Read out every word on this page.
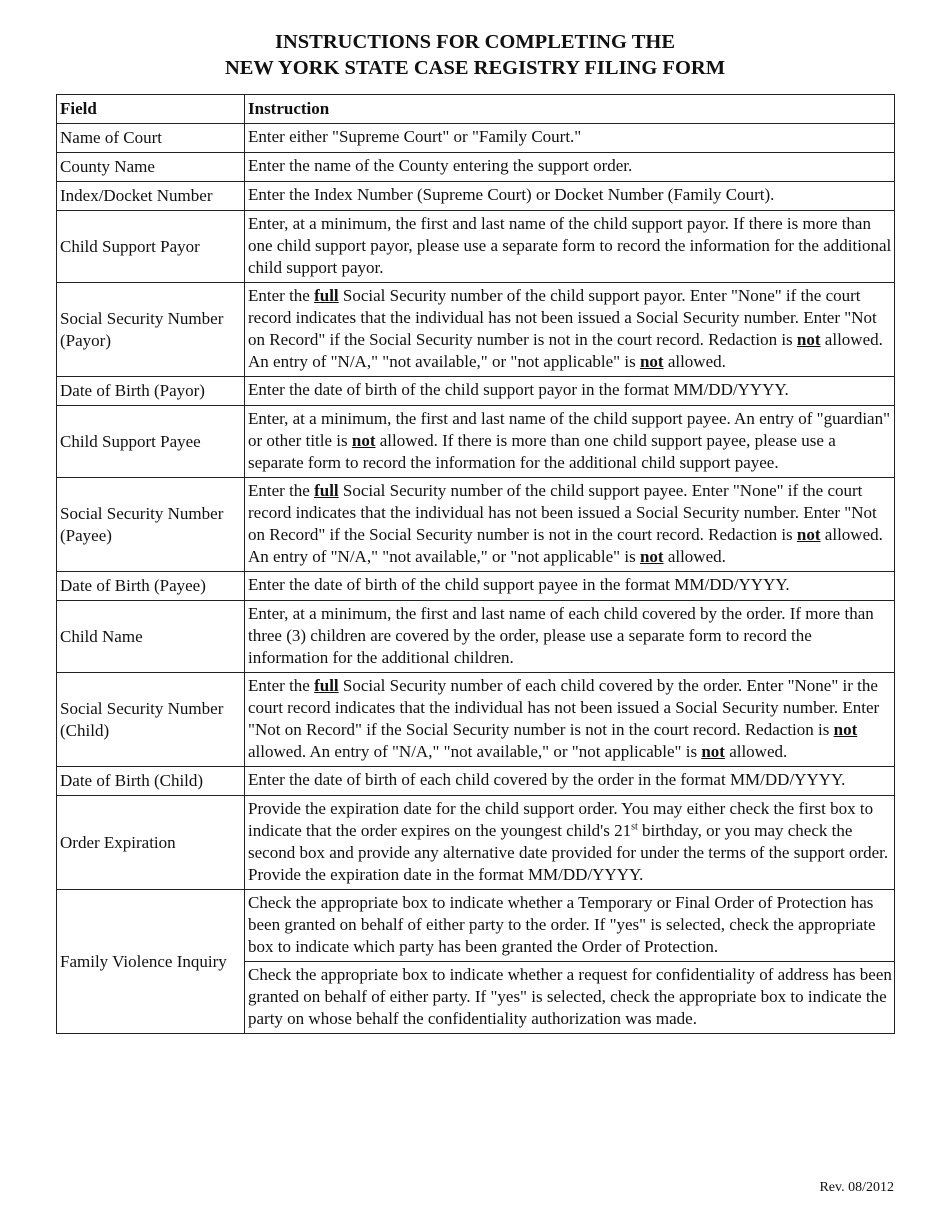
INSTRUCTIONS FOR COMPLETING THE
NEW YORK STATE CASE REGISTRY FILING FORM
Field	Instruction
Name of Court	Enter either "Supreme Court" or "Family Court."
County Name	Enter the name of the County entering the support order.
Index/Docket Number	Enter the Index Number (Supreme Court) or Docket Number (Family Court).
Child Support Payor	Enter, at a minimum, the first and last name of the child support payor. If there is more than one child support payor, please use a separate form to record the information for the additional child support payor.
Social Security Number (Payor)	Enter the full Social Security number of the child support payor. Enter "None" if the court record indicates that the individual has not been issued a Social Security number. Enter "Not on Record" if the Social Security number is not in the court record. Redaction is not allowed. An entry of "N/A," "not available," or "not applicable" is not allowed.
Date of Birth (Payor)	Enter the date of birth of the child support payor in the format MM/DD/YYYY.
Child Support Payee	Enter, at a minimum, the first and last name of the child support payee. An entry of "guardian" or other title is not allowed. If there is more than one child support payee, please use a separate form to record the information for the additional child support payee.
Social Security Number (Payee)	Enter the full Social Security number of the child support payee. Enter "None" if the court record indicates that the individual has not been issued a Social Security number. Enter "Not on Record" if the Social Security number is not in the court record. Redaction is not allowed. An entry of "N/A," "not available," or "not applicable" is not allowed.
Date of Birth (Payee)	Enter the date of birth of the child support payee in the format MM/DD/YYYY.
Child Name	Enter, at a minimum, the first and last name of each child covered by the order. If more than three (3) children are covered by the order, please use a separate form to record the information for the additional children.
Social Security Number (Child)	Enter the full Social Security number of each child covered by the order. Enter "None" ir the court record indicates that the individual has not been issued a Social Security number. Enter "Not on Record" if the Social Security number is not in the court record. Redaction is not allowed. An entry of "N/A," "not available," or "not applicable" is not allowed.
Date of Birth (Child)	Enter the date of birth of each child covered by the order in the format MM/DD/YYYY.
Order Expiration	Provide the expiration date for the child support order. You may either check the first box to indicate that the order expires on the youngest child's 21st birthday, or you may check the second box and provide any alternative date provided for under the terms of the support order. Provide the expiration date in the format MM/DD/YYYY.
Family Violence Inquiry	Check the appropriate box to indicate whether a Temporary or Final Order of Protection has been granted on behalf of either party to the order. If "yes" is selected, check the appropriate box to indicate which party has been granted the Order of Protection.
	Check the appropriate box to indicate whether a request for confidentiality of address has been granted on behalf of either party. If "yes" is selected, check the appropriate box to indicate the party on whose behalf the confidentiality authorization was made.
Rev. 08/2012
